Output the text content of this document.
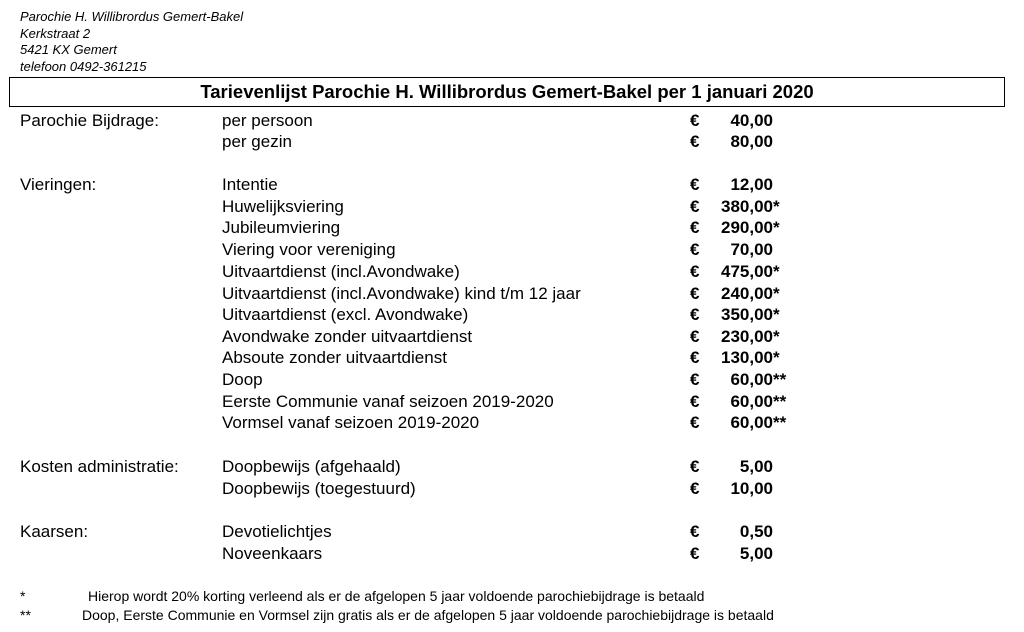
Parochie H. Willibrordus Gemert-Bakel
Kerkstraat 2
5421 KX Gemert
telefoon 0492-361215
Tarievenlijst Parochie H. Willibrordus Gemert-Bakel per 1 januari 2020
Parochie Bijdrage:	per persoon	€	40,00
per gezin	€	80,00
Vieringen:	Intentie	€	12,00
Huwelijksviering	€	380,00 *
Jubileumviering	€	290,00 *
Viering voor vereniging	€	70,00
Uitvaartdienst (incl.Avondwake)	€	475,00 *
Uitvaartdienst (incl.Avondwake) kind t/m 12 jaar	€	240,00 *
Uitvaartdienst (excl. Avondwake)	€	350,00 *
Avondwake zonder uitvaartdienst	€	230,00 *
Absoute zonder uitvaartdienst	€	130,00 *
Doop	€	60,00 **
Eerste Communie vanaf seizoen 2019-2020	€	60,00 **
Vormsel vanaf seizoen 2019-2020	€	60,00 **
Kosten administratie:	Doopbewijs (afgehaald)	€	5,00
Doopbewijs (toegestuurd)	€	10,00
Kaarsen:	Devotielichtjes	€	0,50
Noveenkaars	€	5,00
*	Hierop wordt 20% korting verleend als er de afgelopen 5 jaar voldoende parochiebijdrage is betaald
**	Doop, Eerste Communie en Vormsel zijn gratis als er de afgelopen 5 jaar voldoende parochiebijdrage is betaald
